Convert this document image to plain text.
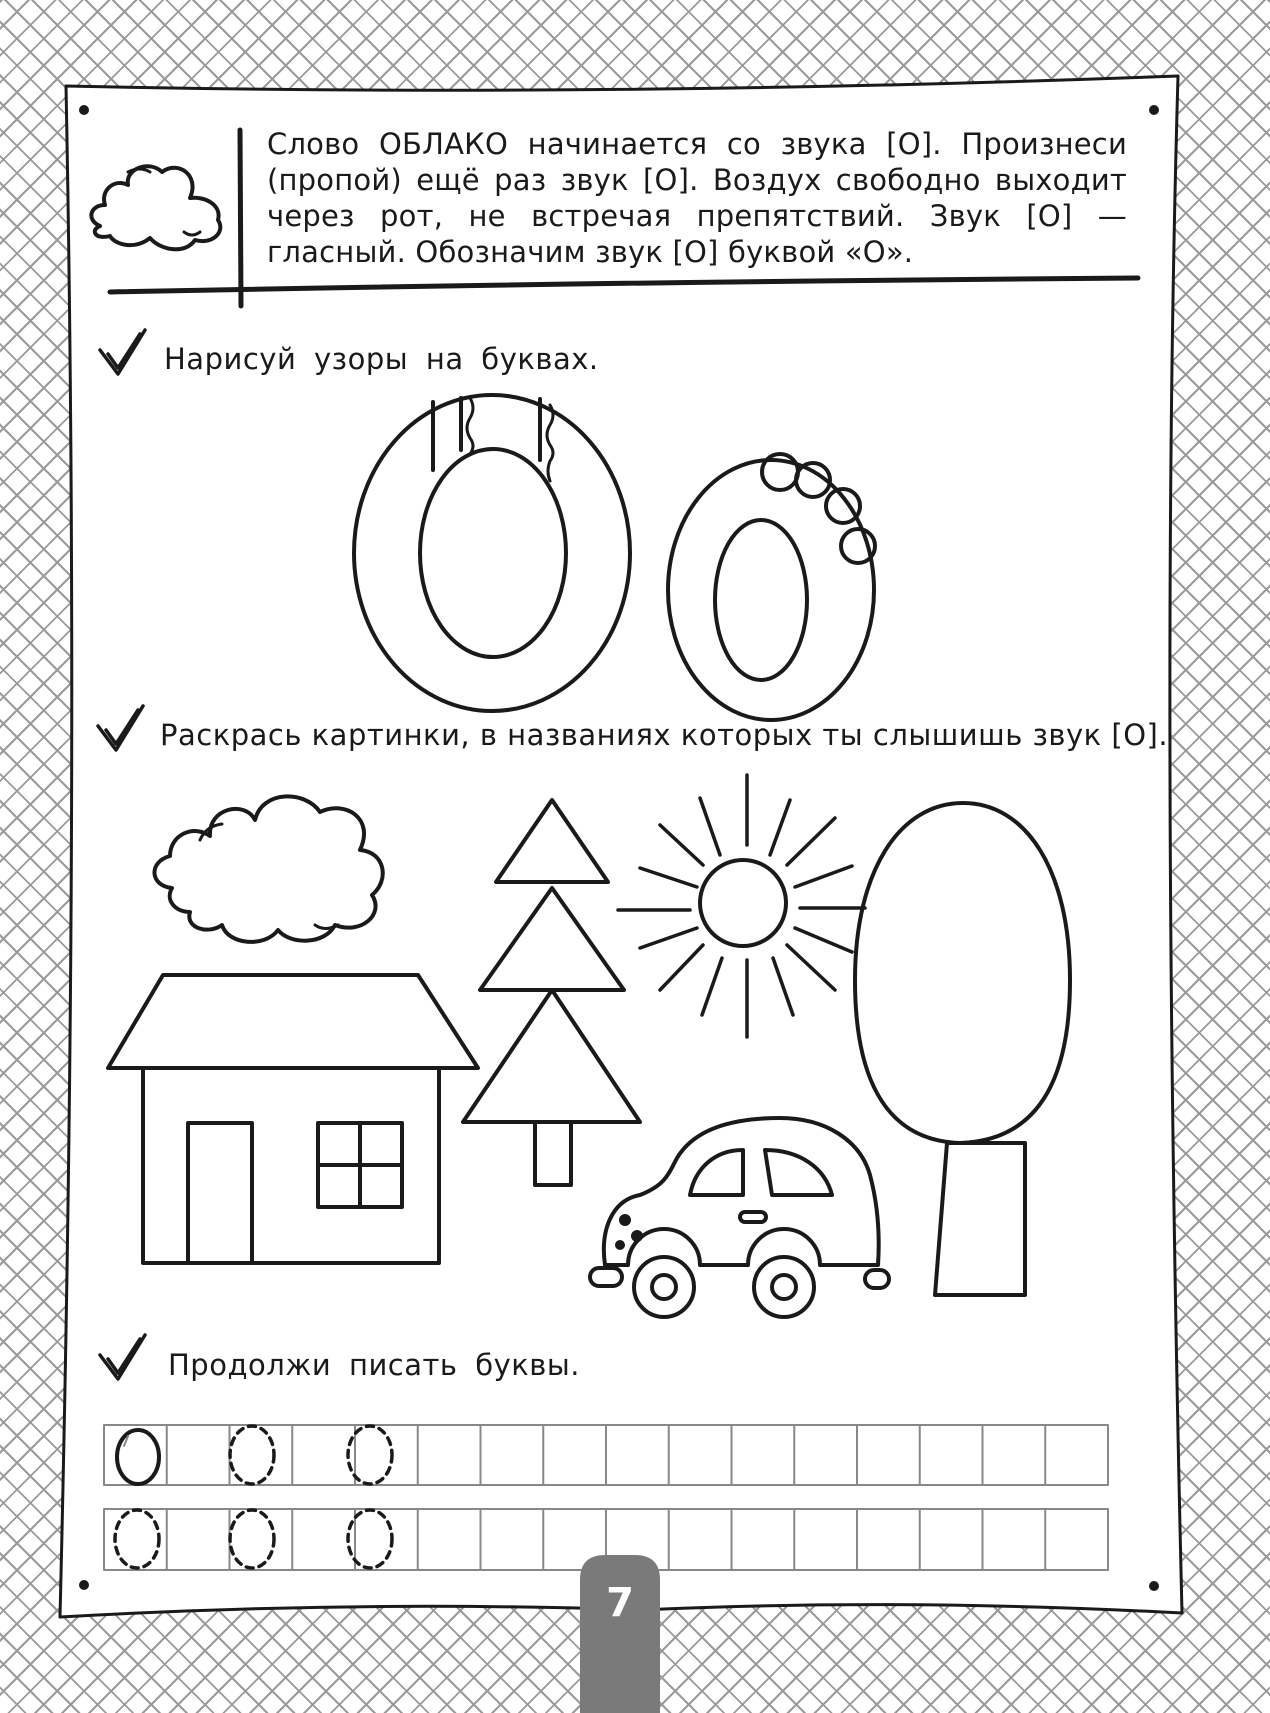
Слово ОБЛАКО начинается со звука [О]. Произнеси (пропой) ещё раз звук [О]. Воздух свободно выходит через рот, не встречая препятствий. Звук [О] — гласный. Обозначим звук [О] буквой «О».

Нарисуй узоры на буквах.

Раскрась картинки, в названиях которых ты слышишь звук [О].

Продолжи писать буквы.

7
